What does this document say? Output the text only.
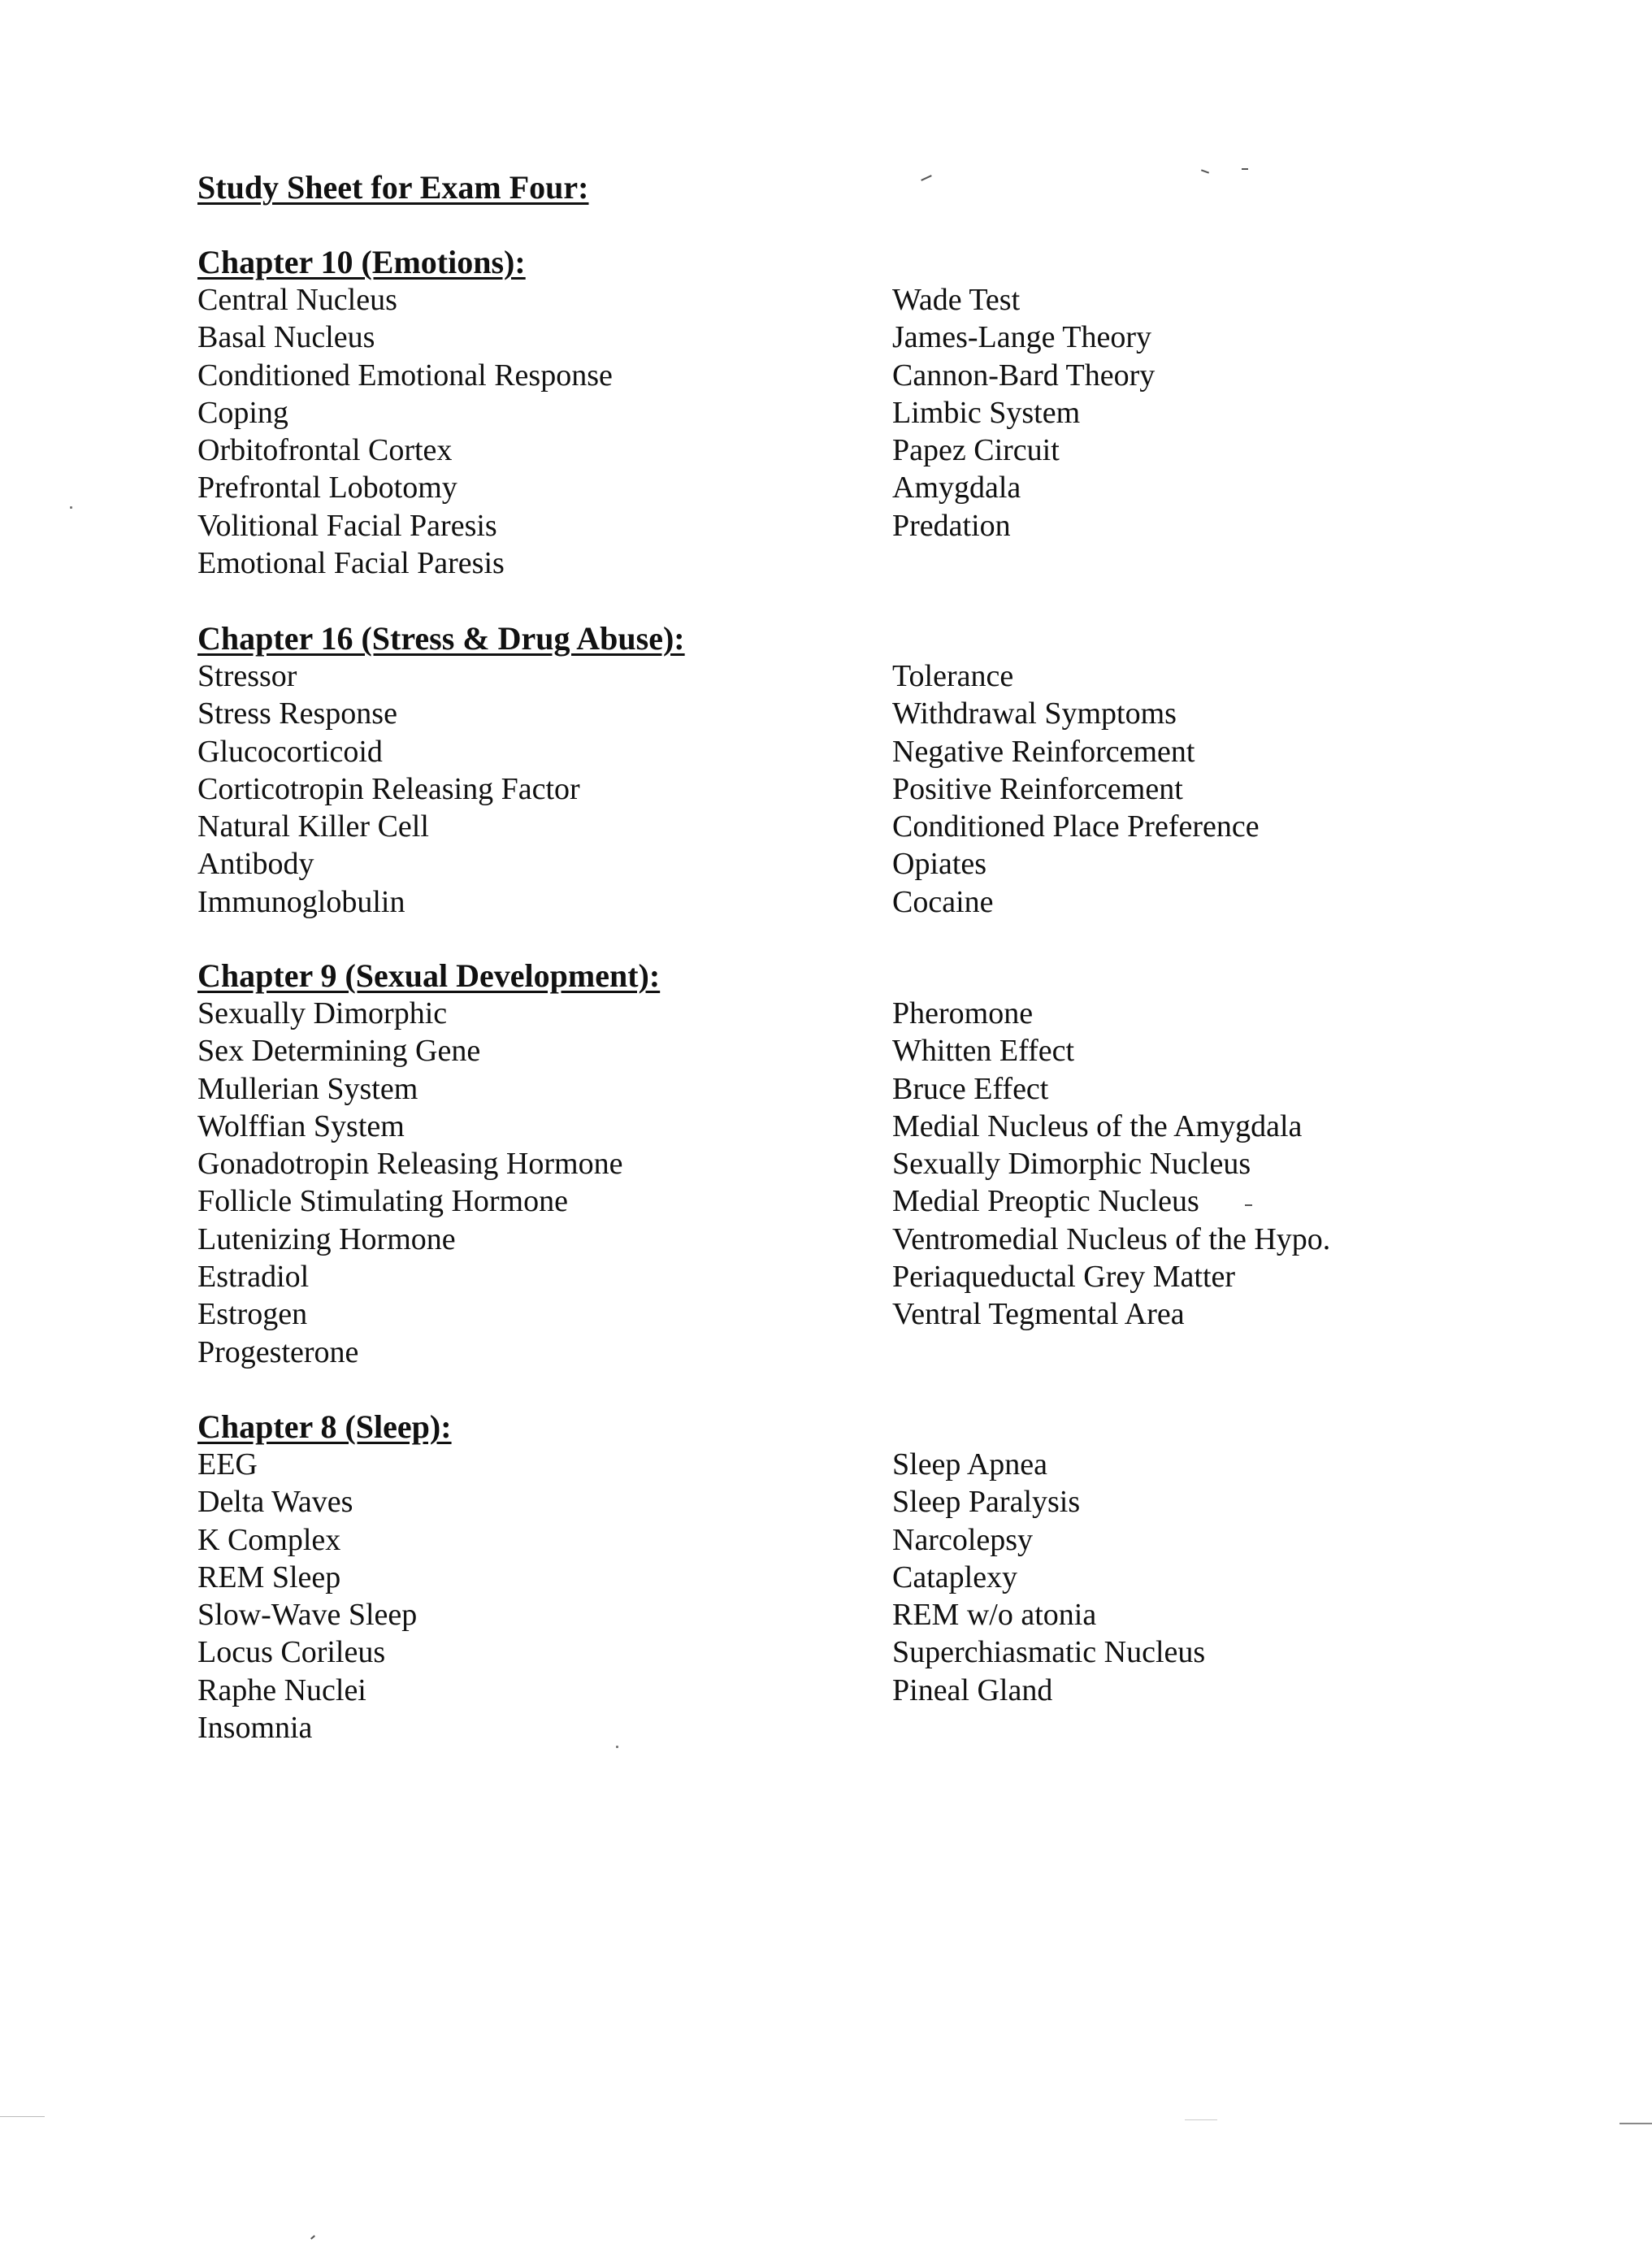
Study Sheet for Exam Four:
Chapter 10 (Emotions):
Central Nucleus
Basal Nucleus
Conditioned Emotional Response
Coping
Orbitofrontal Cortex
Prefrontal Lobotomy
Volitional Facial Paresis
Emotional Facial Paresis
Wade Test
James-Lange Theory
Cannon-Bard Theory
Limbic System
Papez Circuit
Amygdala
Predation
Chapter 16 (Stress & Drug Abuse):
Stressor
Stress Response
Glucocorticoid
Corticotropin Releasing Factor
Natural Killer Cell
Antibody
Immunoglobulin
Tolerance
Withdrawal Symptoms
Negative Reinforcement
Positive Reinforcement
Conditioned Place Preference
Opiates
Cocaine
Chapter 9 (Sexual Development):
Sexually Dimorphic
Sex Determining Gene
Mullerian System
Wolffian System
Gonadotropin Releasing Hormone
Follicle Stimulating Hormone
Lutenizing Hormone
Estradiol
Estrogen
Progesterone
Pheromone
Whitten Effect
Bruce Effect
Medial Nucleus of the Amygdala
Sexually Dimorphic Nucleus
Medial Preoptic Nucleus
Ventromedial Nucleus of the Hypo.
Periaqueductal Grey Matter
Ventral Tegmental Area
Chapter 8 (Sleep):
EEG
Delta Waves
K Complex
REM Sleep
Slow-Wave Sleep
Locus Corileus
Raphe Nuclei
Insomnia
Sleep Apnea
Sleep Paralysis
Narcolepsy
Cataplexy
REM w/o atonia
Superchiasmatic Nucleus
Pineal Gland
